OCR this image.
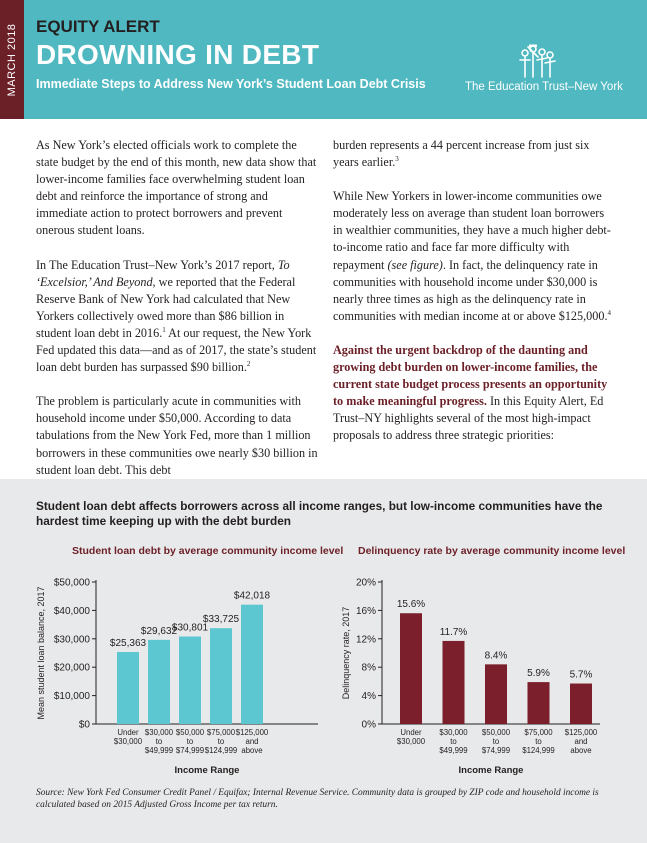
MARCH 2018 EQUITY ALERT
DROWNING IN DEBT
Immediate Steps to Address New York’s Student Loan Debt Crisis	The Education Trust–New York

As New York’s elected officials work to complete the state budget by the end of this month, new data show that lower-income families face overwhelming student loan debt and reinforce the importance of strong and immediate action to protect borrowers and prevent onerous student loans.

In The Education Trust–New York’s 2017 report, To ‘Excelsior,’ And Beyond, we reported that the Federal Reserve Bank of New York had calculated that New Yorkers collectively owed more than $86 billion in student loan debt in 2016.$^1$ At our request, the New York Fed updated this data—and as of 2017, the state’s student loan debt burden has surpassed $90 billion.$^2$

The problem is particularly acute in communities with household income under $50,000. According to data tabulations from the New York Fed, more than 1 million borrowers in these communities owe nearly $30 billion in student loan debt. This debt

burden represents a 44 percent increase from just six years earlier.$^3$

While New Yorkers in lower-income communities owe moderately less on average than student loan borrowers in wealthier communities, they have a much higher debt-to-income ratio and face far more difficulty with repayment (see figure). In fact, the delinquency rate in communities with household income under $30,000 is nearly three times as high as the delinquency rate in communities with median income at or above $125,000.$^4$

Against the urgent backdrop of the daunting and growing debt burden on lower-income families, the current state budget process presents an opportunity to make meaningful progress. In this Equity Alert, Ed Trust–NY highlights several of the most high-impact proposals to address three strategic priorities:

Student loan debt affects borrowers across all income ranges, but low-income communities have the hardest time keeping up with the debt burden
Student loan debt by average community income level
Mean student loan balance, 2017
$0
$10,000
$20,000
$30,000
$40,000
$50,000
$25,363
Under
$30,000
$29,632
$30,000
to
$49,999
$30,801
$50,000
to
$74,999
$33,725
$75,000
to
$124,999
$42,018
$125,000
and
above
Income Range
Delinquency rate by average community income level
Delinquency rate, 2017
0%
4%
8%
12%
16%
20%
15.6%
Under
$30,000
11.7%
$30,000
to
$49,999
8.4%
$50,000
to
$74,999
5.9%
$75,000
to
$124,999
5.7%
$125,000
and
above
Income Range
Source: New York Fed Consumer Credit Panel / Equifax; Internal Revenue Service. Community data is grouped by ZIP code and household income is calculated based on 2015 Adjusted Gross Income per tax return.
